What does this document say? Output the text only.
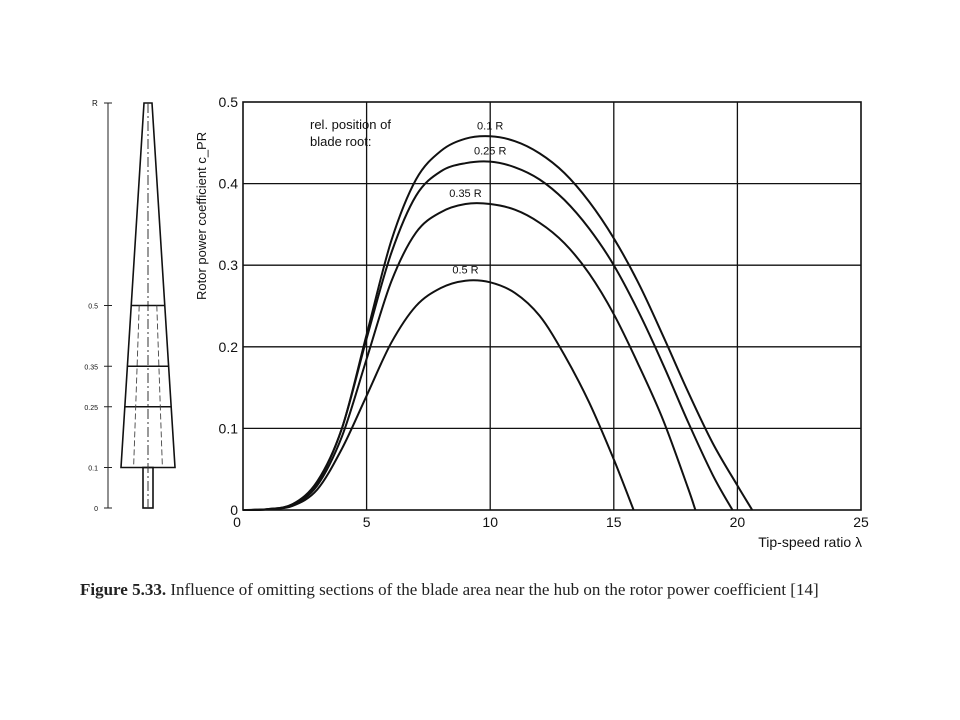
R
0.5
0.35
0.25
0.1
0
0	5	10	15	20	25
0
0.1
0.2
0.3
0.4
0.5
0.1 R
0.25 R
0.35 R
0.5 R
rel. position of
blade root:
Rotor power coefficient c_PR
Tip-speed ratio λ
Figure 5.33. Influence of omitting sections of the blade area near the hub on the rotor power coefficient [14]
